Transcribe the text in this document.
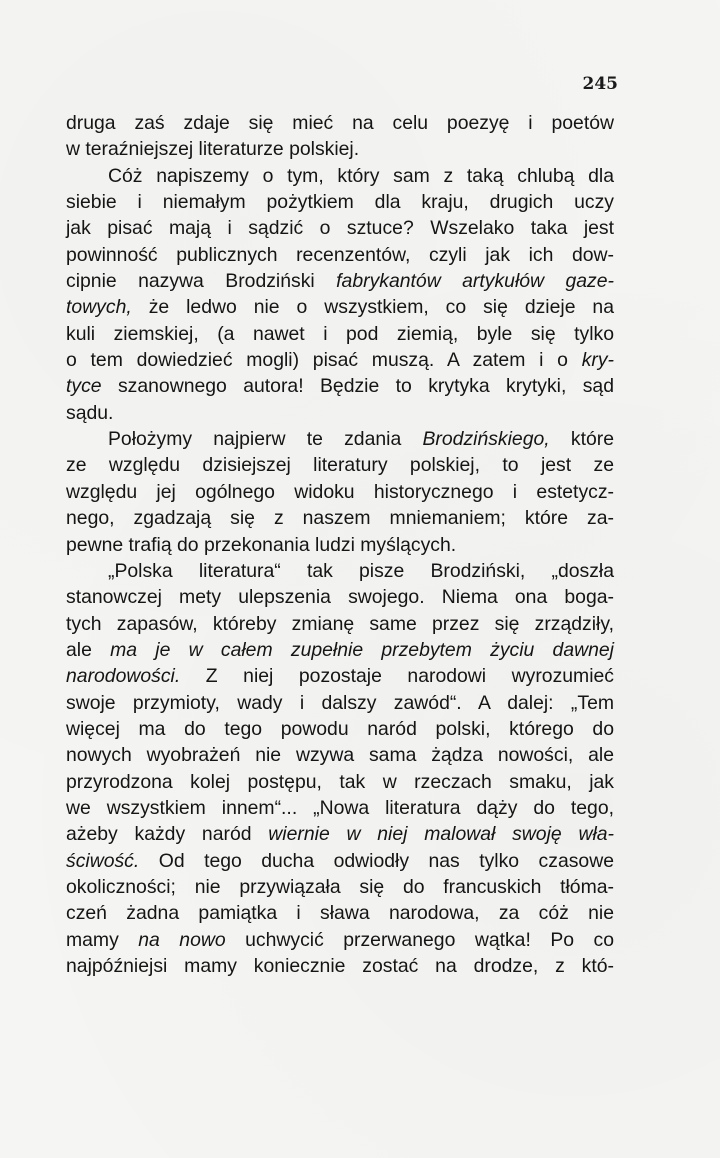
245
druga zaś zdaje się mieć na celu poezyę i poetów
w teraźniejszej literaturze polskiej.
Cóż napiszemy o tym, który sam z taką chlubą dla
siebie i niemałym pożytkiem dla kraju, drugich uczy
jak pisać mają i sądzić o sztuce? Wszelako taka jest
powinność publicznych recenzentów, czyli jak ich dow-
cipnie nazywa Brodziński fabrykantów artykułów gaze-
towych, że ledwo nie o wszystkiem, co się dzieje na
kuli ziemskiej, (a nawet i pod ziemią, byle się tylko
o tem dowiedzieć mogli) pisać muszą. A zatem i o kry-
tyce szanownego autora! Będzie to krytyka krytyki, sąd
sądu.
Położymy najpierw te zdania Brodzińskiego, które
ze względu dzisiejszej literatury polskiej, to jest ze
względu jej ogólnego widoku historycznego i estetycz-
nego, zgadzają się z naszem mniemaniem; które za-
pewne trafią do przekonania ludzi myślących.
„Polska literatura“ tak pisze Brodziński, „doszła
stanowczej mety ulepszenia swojego. Niema ona boga-
tych zapasów, któreby zmianę same przez się zrządziły,
ale ma je w całem zupełnie przebytem życiu dawnej
narodowości. Z niej pozostaje narodowi wyrozumieć
swoje przymioty, wady i dalszy zawód“. A dalej: „Tem
więcej ma do tego powodu naród polski, którego do
nowych wyobrażeń nie wzywa sama żądza nowości, ale
przyrodzona kolej postępu, tak w rzeczach smaku, jak
we wszystkiem innem“... „Nowa literatura dąży do tego,
ażeby każdy naród wiernie w niej malował swoję wła-
ściwość. Od tego ducha odwiodły nas tylko czasowe
okoliczności; nie przywiązała się do francuskich tłóma-
czeń żadna pamiątka i sława narodowa, za cóż nie
mamy na nowo uchwycić przerwanego wątka! Po co
najpóźniejsi mamy koniecznie zostać na drodze, z któ-
